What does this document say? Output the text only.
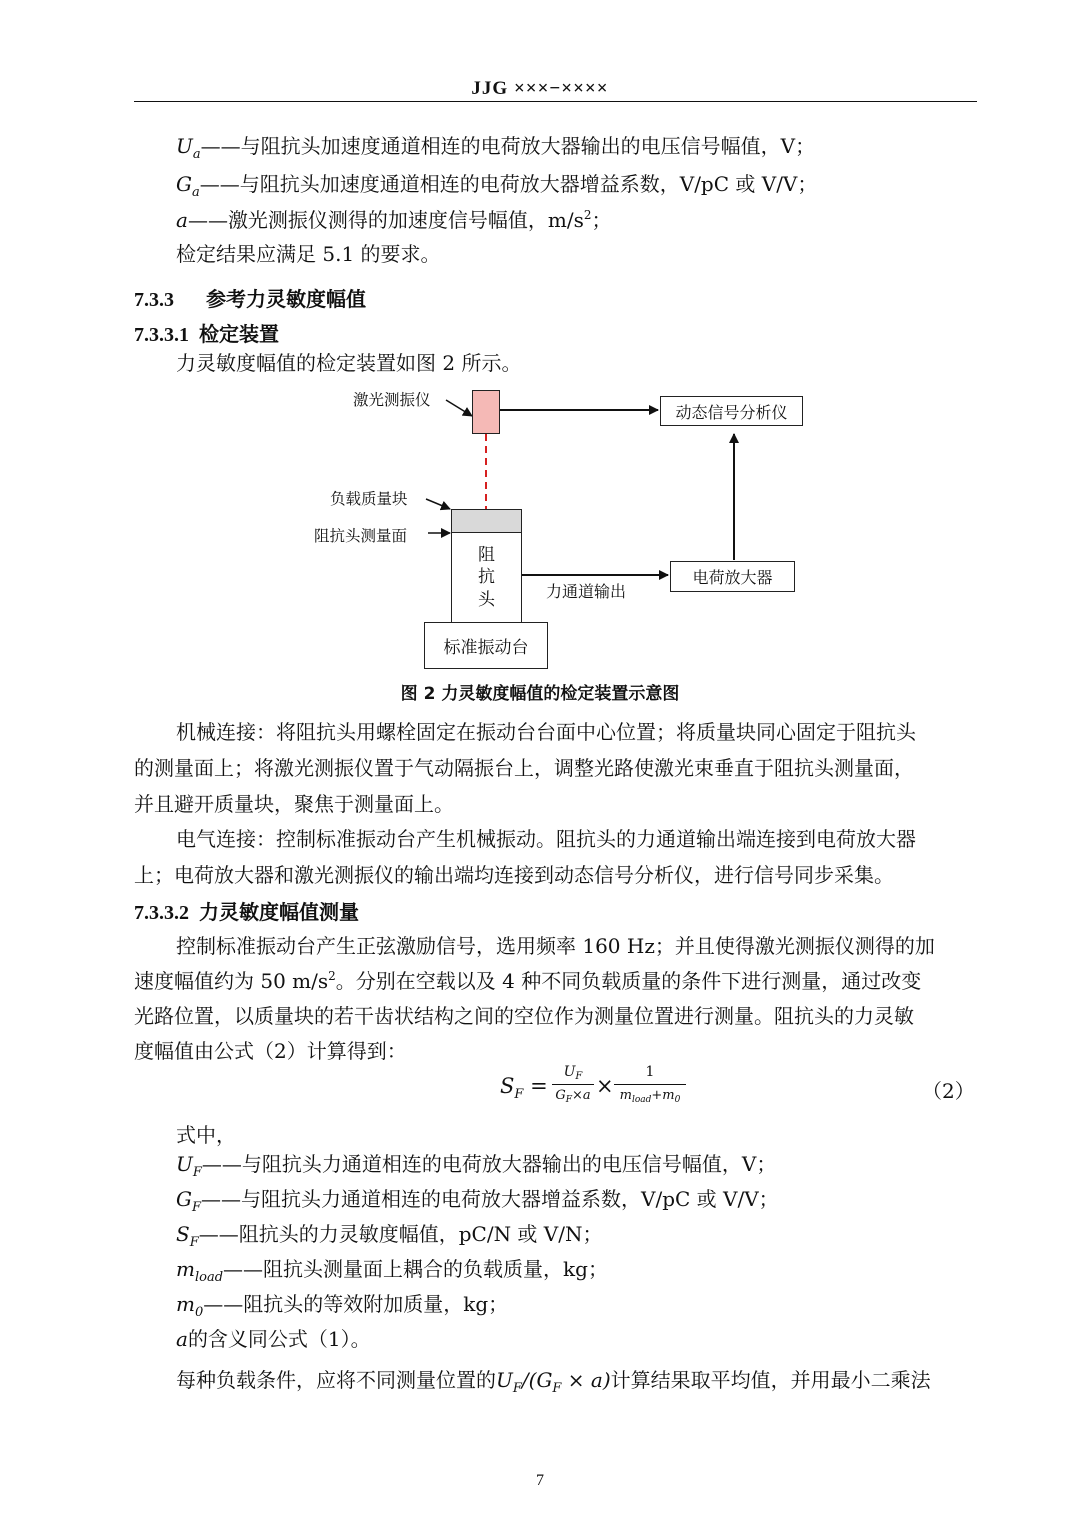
JJG ×××−××××
$U_a——$与阻抗头加速度通道相连的电荷放大器输出的电压信号幅值，V；
$G_a——$与阻抗头加速度通道相连的电荷放大器增益系数，V/pC 或 V/V；
a——激光测振仪测得的加速度信号幅值，$m/s^2$；
检定结果应满足 5.1 的要求。
7.3.3 参考力灵敏度幅值
7.3.3.1 检定装置
力灵敏度幅值的检定装置如图 2 所示。
激光测振仪
动态信号分析仪
负载质量块
阻抗头测量面
阻
抗
头
标准振动台
力通道输出
电荷放大器
图 2 力灵敏度幅值的检定装置示意图
机械连接：将阻抗头用螺栓固定在振动台台面中心位置；将质量块同心固定于阻抗头
的测量面上；将激光测振仪置于气动隔振台上，调整光路使激光束垂直于阻抗头测量面，
并且避开质量块，聚焦于测量面上。
电气连接：控制标准振动台产生机械振动。阻抗头的力通道输出端连接到电荷放大器
上；电荷放大器和激光测振仪的输出端均连接到动态信号分析仪，进行信号同步采集。
7.3.3.2 力灵敏度幅值测量
控制标准振动台产生正弦激励信号，选用频率 160 Hz；并且使得激光测振仪测得的加
速度幅值约为 50 $m/s^2$。分别在空载以及 4 种不同负载质量的条件下进行测量，通过改变
光路位置，以质量块的若干齿状结构之间的空位作为测量位置进行测量。阻抗头的力灵敏
度幅值由公式（2）计算得到：
$S_F$ =
$U_F$
$G_F\times a$ ×
1
$m_{load}+m_0$	（2）
式中，
$U_F——$与阻抗头力通道相连的电荷放大器输出的电压信号幅值，V；
$G_F——$与阻抗头力通道相连的电荷放大器增益系数，V/pC 或 V/V；
$S_F——$阻抗头的力灵敏度幅值，pC/N 或 V/N；
$m_{load}——$阻抗头测量面上耦合的负载质量，kg；
$m_0——$阻抗头的等效附加质量，kg；
a的含义同公式（1）。
每种负载条件，应将不同测量位置的$U_F/(G_F \times a)$计算结果取平均值，并用最小二乘法
7
